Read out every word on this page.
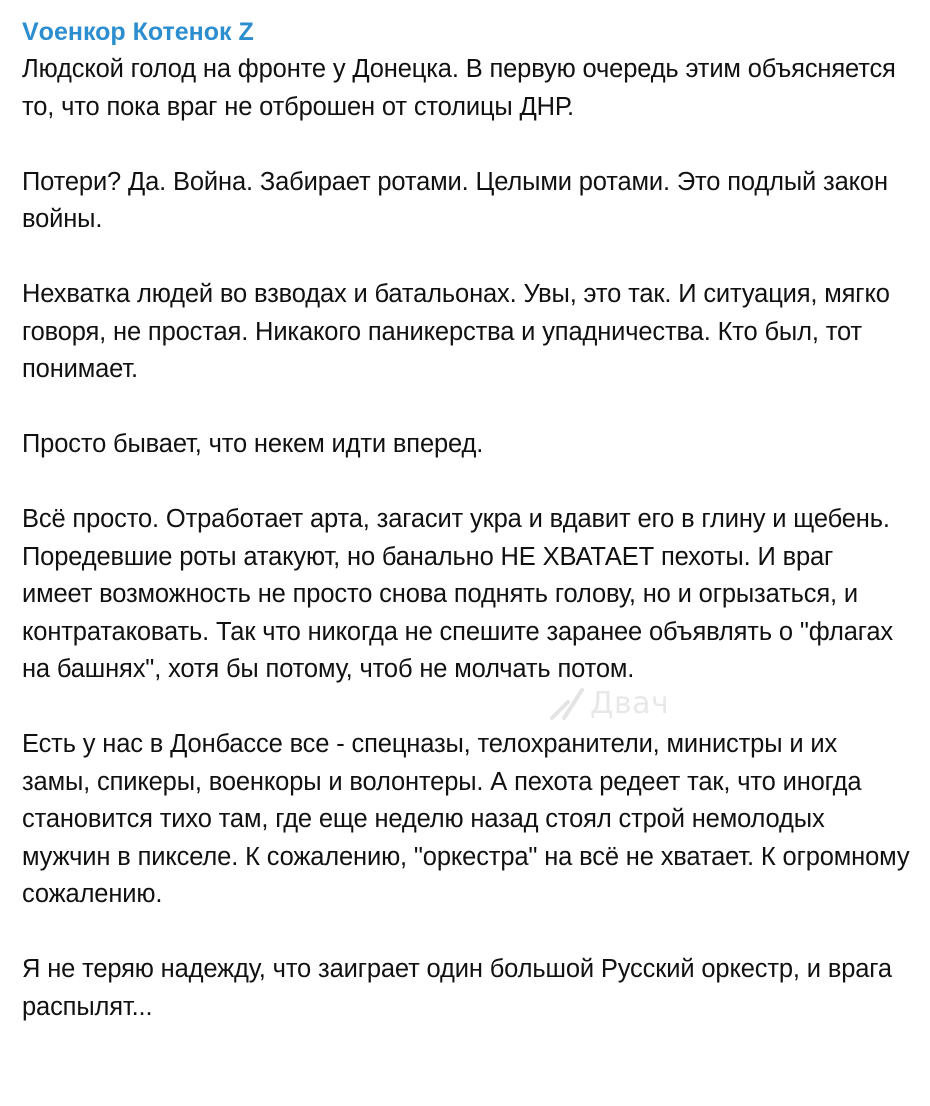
Vоенкор Котенок Z
Людской голод на фронте у Донецка. В первую очередь этим объясняется то, что пока враг не отброшен от столицы ДНР.
Потери? Да. Война. Забирает ротами. Целыми ротами. Это подлый закон войны.
Нехватка людей во взводах и батальонах. Увы, это так. И ситуация, мягко говоря, не простая. Никакого паникерства и упадничества. Кто был, тот понимает.
Просто бывает, что некем идти вперед.
Всё просто. Отработает арта, загасит укра и вдавит его в глину и щебень. Поредевшие роты атакуют, но банально НЕ ХВАТАЕТ пехоты. И враг имеет возможность не просто снова поднять голову, но и огрызаться, и контратаковать. Так что никогда не спешите заранее объявлять о "флагах на башнях", хотя бы потому, чтоб не молчать потом.
Есть у нас в Донбассе все - спецназы, телохранители, министры и их замы, спикеры, военкоры и волонтеры. А пехота редеет так, что иногда становится тихо там, где еще неделю назад стоял строй немолодых мужчин в пикселе. К сожалению, "оркестра" на всё не хватает. К огромному сожалению.
Я не теряю надежду, что заиграет один большой Русский оркестр, и врага распылят...
Двач
